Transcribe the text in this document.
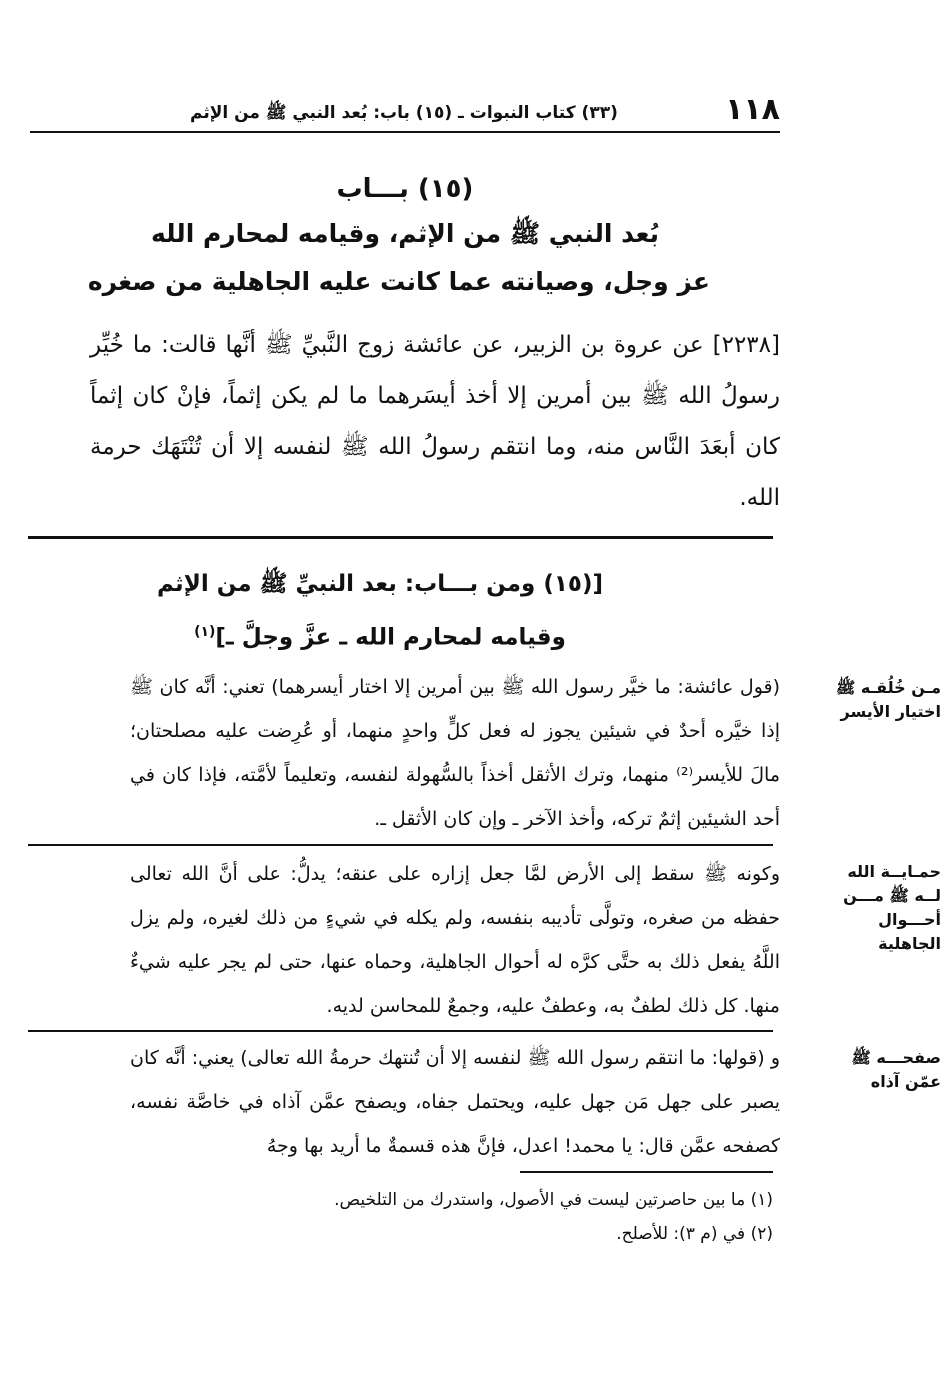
١١٨
(٣٣) كتاب النبوات ـ (١٥) باب: بُعد النبي ﷺ من الإثم
(١٥) بـــاب
بُعد النبي ﷺ من الإثم، وقيامه لمحارم الله
عز وجل، وصيانته عما كانت عليه الجاهلية من صغره

[٢٢٣٨] عن عروة بن الزبير، عن عائشة زوج النَّبيِّ ﷺ أنَّها قالت: ما خُيِّر رسولُ الله ﷺ بين أمرين إلا أخذ أيسَرهما ما لم يكن إثماً، فإنْ كان إثماً كان أبعَدَ النَّاس منه، وما انتقم رسولُ الله ﷺ لنفسه إلا أن تُنْتَهَك حرمة الله.

[(١٥) ومن بـــاب: بعد النبيِّ ﷺ من الإثم
وقيامه لمحارم الله ـ عزَّ وجلَّ ـ]$^{(١)}$
مـن خُلُقـه ﷺ اختيار الأيسر

(قول عائشة: ما خيَّر رسول الله ﷺ بين أمرين إلا اختار أيسرهما) تعني: أنَّه كان ﷺ إذا خيَّره أحدٌ في شيئين يجوز له فعل كلٍّ واحدٍ منهما، أو عُرِضت عليه مصلحتان؛ مالَ للأيسر⁽²⁾ منهما، وترك الأثقل أخذاً بالسُّهولة لنفسه، وتعليماً لأمَّته، فإذا كان في أحد الشيئين إثمٌ تركه، وأخذ الآخر ـ وإن كان الأثقل ـ.

حمـايــة الله لــه ﷺ مـــن أحـــوال الجاهلية

وكونه ﷺ سقط إلى الأرض لمَّا جعل إزاره على عنقه؛ يدلُّ: على أنَّ الله تعالى حفظه من صغره، وتولَّى تأديبه بنفسه، ولم يكله في شيءٍ من ذلك لغيره، ولم يزل اللَّهُ يفعل ذلك به حتَّى كرَّه له أحوال الجاهلية، وحماه عنها، حتى لم يجر عليه شيءٌ منها. كل ذلك لطفٌ به، وعطفٌ عليه، وجمعٌ للمحاسن لديه.

صفحـــه ﷺ عمّن آذاه

و (قولها: ما انتقم رسول الله ﷺ لنفسه إلا أن تُنتهك حرمةُ الله تعالى) يعني: أنَّه كان يصبر على جهل مَن جهل عليه، ويحتمل جفاه، ويصفح عمَّن آذاه في خاصَّة نفسه، كصفحه عمَّن قال: يا محمد! اعدل، فإنَّ هذه قسمةٌ ما أريد بها وجهُ

(١) ما بين حاصرتين ليست في الأصول، واستدرك من التلخيص.

(٢) في (م ٣): للأصلح.
